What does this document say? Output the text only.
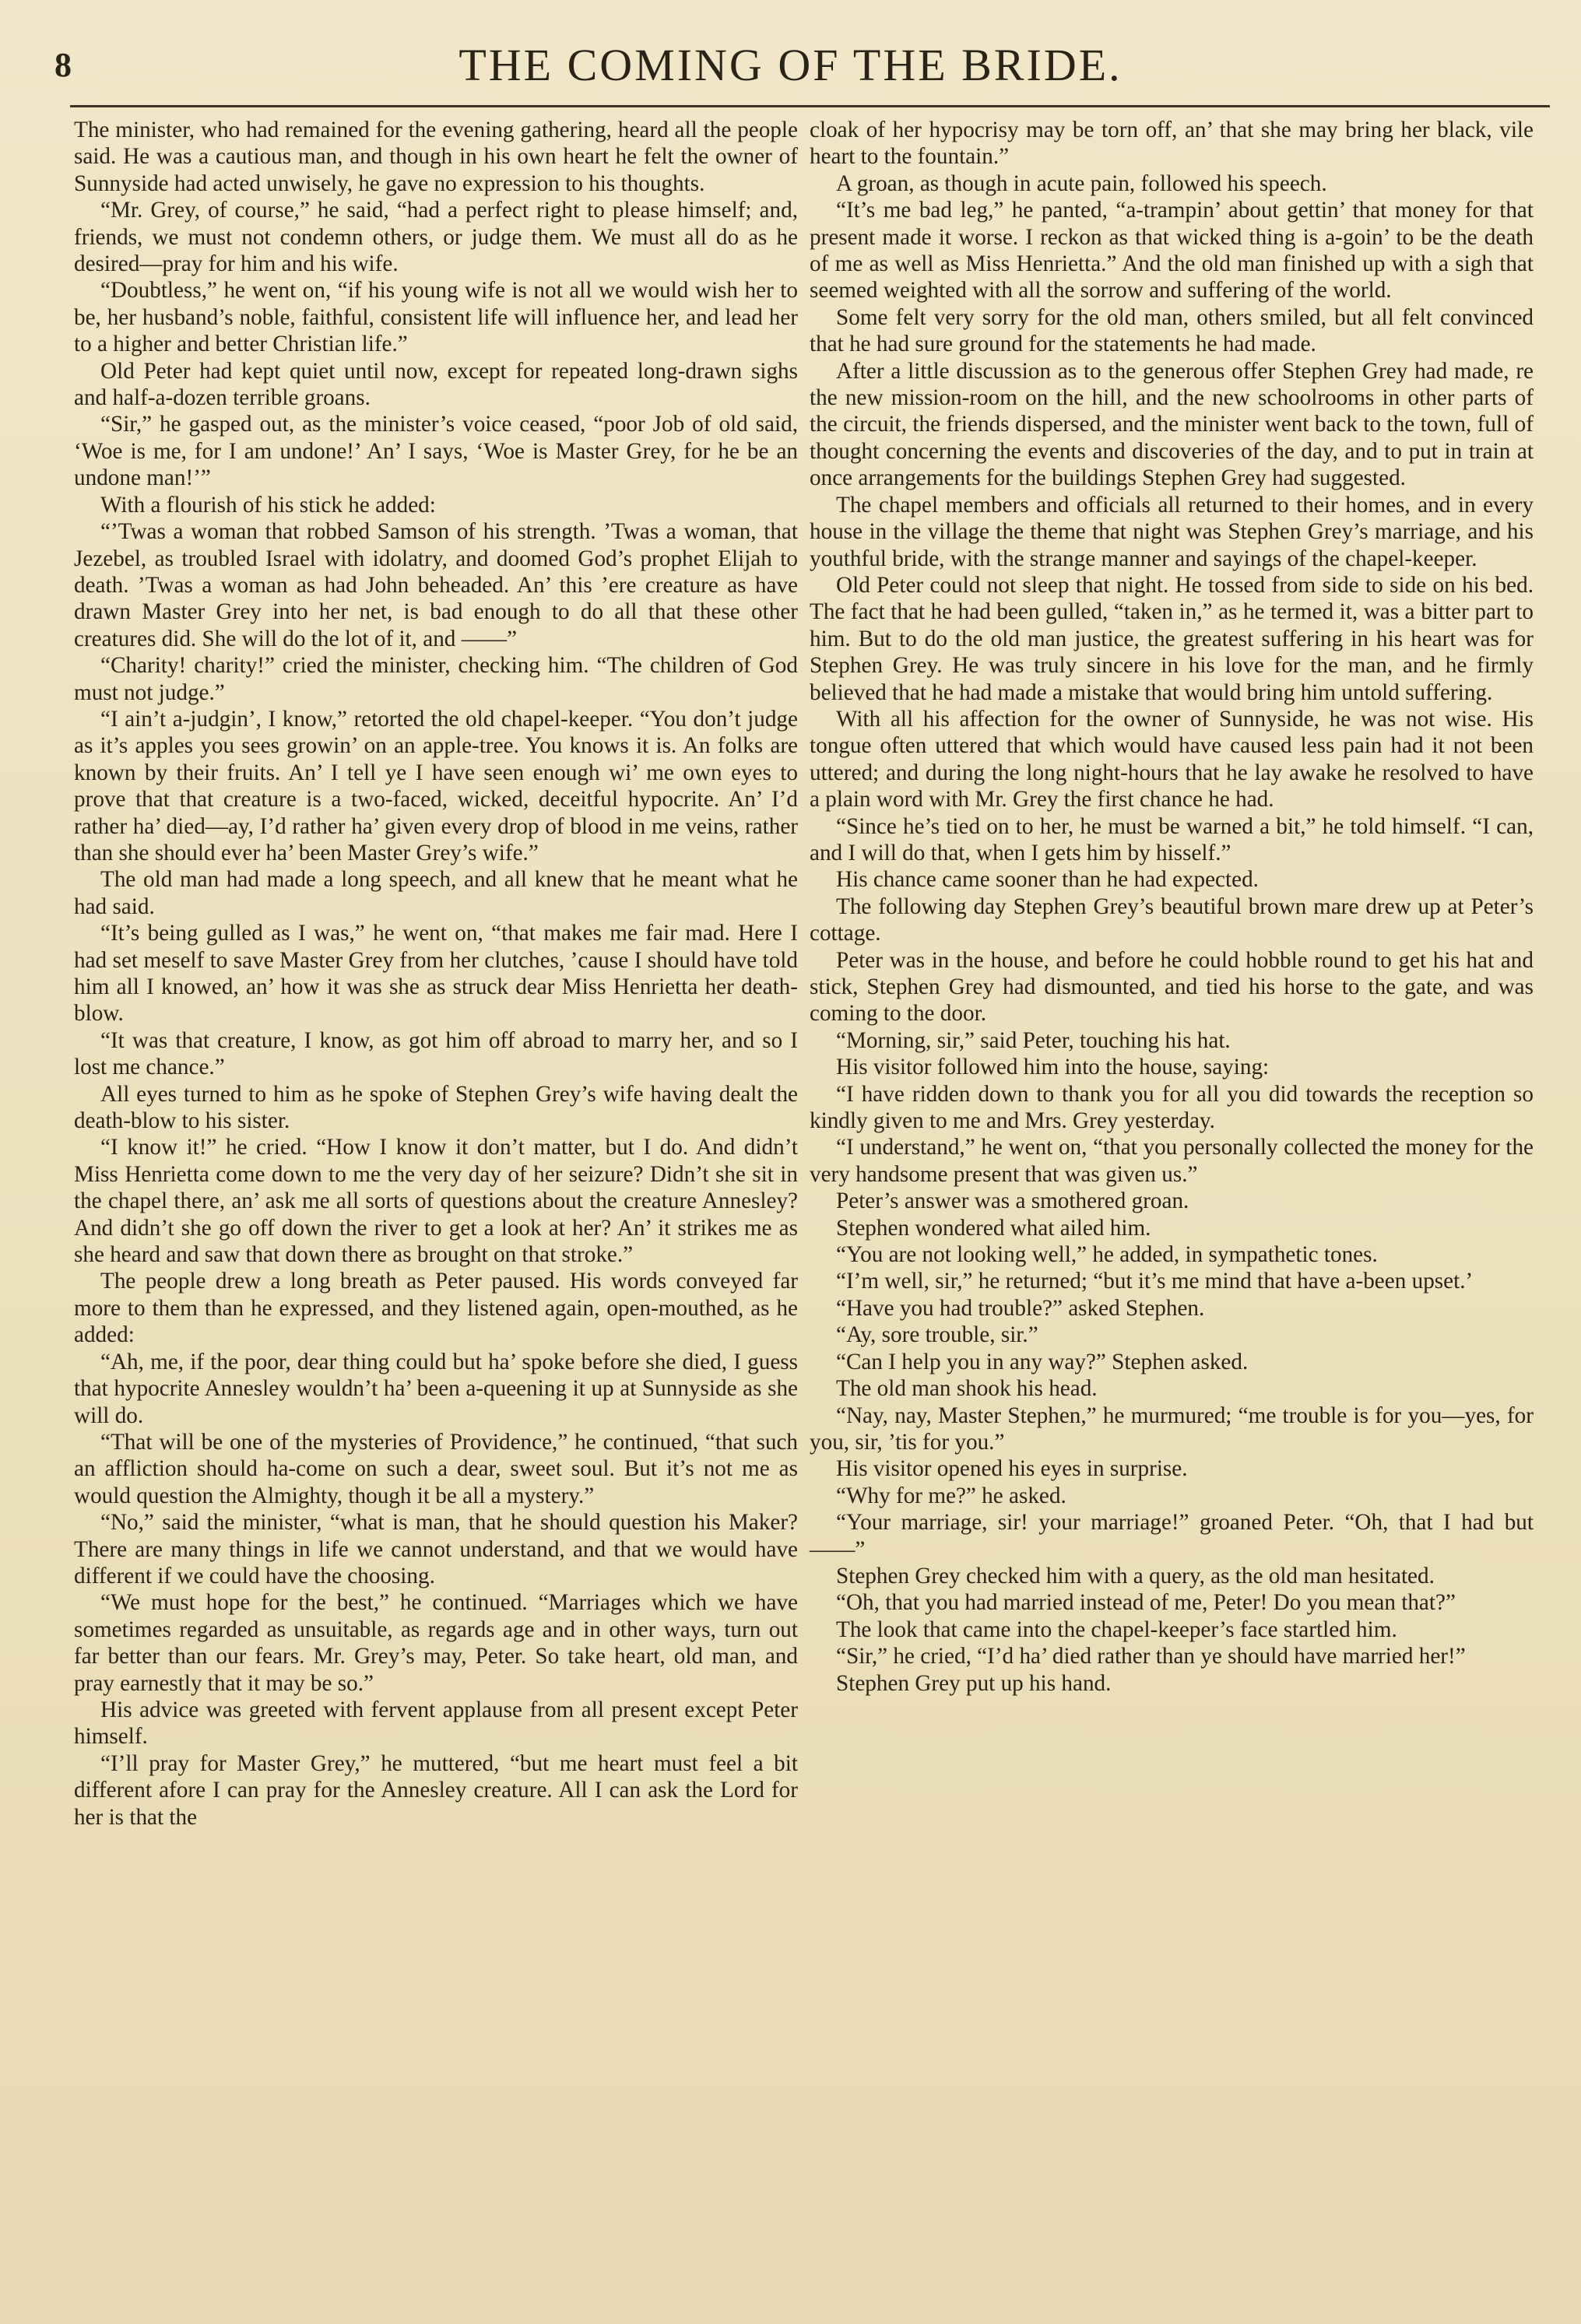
8	THE COMING OF THE BRIDE.

The minister, who had remained for the evening gathering, heard all the people said. He was a cautious man, and though in his own heart he felt the owner of Sunnyside had acted unwisely, he gave no expression to his thoughts.

“Mr. Grey, of course,” he said, “had a perfect right to please himself; and, friends, we must not condemn others, or judge them. We must all do as he desired—pray for him and his wife.

“Doubtless,” he went on, “if his young wife is not all we would wish her to be, her husband’s noble, faithful, consistent life will influence her, and lead her to a higher and better Christian life.”

Old Peter had kept quiet until now, except for repeated long-drawn sighs and half-a-dozen terrible groans.

“Sir,” he gasped out, as the minister’s voice ceased, “poor Job of old said, ‘Woe is me, for I am undone!’ An’ I says, ‘Woe is Master Grey, for he be an undone man!’”

With a flourish of his stick he added:

“’Twas a woman that robbed Samson of his strength. ’Twas a woman, that Jezebel, as troubled Israel with idolatry, and doomed God’s prophet Elijah to death. ’Twas a woman as had John beheaded. An’ this ’ere creature as have drawn Master Grey into her net, is bad enough to do all that these other creatures did. She will do the lot of it, and ——”

“Charity! charity!” cried the minister, checking him. “The children of God must not judge.”

“I ain’t a-judgin’, I know,” retorted the old chapel-keeper. “You don’t judge as it’s apples you sees growin’ on an apple-tree. You knows it is. An folks are known by their fruits. An’ I tell ye I have seen enough wi’ me own eyes to prove that that creature is a two-faced, wicked, deceitful hypocrite. An’ I’d rather ha’ died—ay, I’d rather ha’ given every drop of blood in me veins, rather than she should ever ha’ been Master Grey’s wife.”

The old man had made a long speech, and all knew that he meant what he had said.

“It’s being gulled as I was,” he went on, “that makes me fair mad. Here I had set meself to save Master Grey from her clutches, ’cause I should have told him all I knowed, an’ how it was she as struck dear Miss Henrietta her death-blow.

“It was that creature, I know, as got him off abroad to marry her, and so I lost me chance.”

All eyes turned to him as he spoke of Stephen Grey’s wife having dealt the death-blow to his sister.

“I know it!” he cried. “How I know it don’t matter, but I do. And didn’t Miss Henrietta come down to me the very day of her seizure? Didn’t she sit in the chapel there, an’ ask me all sorts of questions about the creature Annesley? And didn’t she go off down the river to get a look at her? An’ it strikes me as she heard and saw that down there as brought on that stroke.”

The people drew a long breath as Peter paused. His words conveyed far more to them than he expressed, and they listened again, open-mouthed, as he added:

“Ah, me, if the poor, dear thing could but ha’ spoke before she died, I guess that hypocrite Annesley wouldn’t ha’ been a-queening it up at Sunnyside as she will do.

“That will be one of the mysteries of Providence,” he continued, “that such an affliction should ha-come on such a dear, sweet soul. But it’s not me as would question the Almighty, though it be all a mystery.”

“No,” said the minister, “what is man, that he should question his Maker? There are many things in life we cannot understand, and that we would have different if we could have the choosing.

“We must hope for the best,” he continued. “Marriages which we have sometimes regarded as unsuitable, as regards age and in other ways, turn out far better than our fears. Mr. Grey’s may, Peter. So take heart, old man, and pray earnestly that it may be so.”

His advice was greeted with fervent applause from all present except Peter himself.

“I’ll pray for Master Grey,” he muttered, “but me heart must feel a bit different afore I can pray for the Annesley creature. All I can ask the Lord for her is that the

cloak of her hypocrisy may be torn off, an’ that she may bring her black, vile heart to the fountain.”

A groan, as though in acute pain, followed his speech.

“It’s me bad leg,” he panted, “a-trampin’ about gettin’ that money for that present made it worse. I reckon as that wicked thing is a-goin’ to be the death of me as well as Miss Henrietta.” And the old man finished up with a sigh that seemed weighted with all the sorrow and suffering of the world.

Some felt very sorry for the old man, others smiled, but all felt convinced that he had sure ground for the statements he had made.

After a little discussion as to the generous offer Stephen Grey had made, re the new mission-room on the hill, and the new schoolrooms in other parts of the circuit, the friends dispersed, and the minister went back to the town, full of thought concerning the events and discoveries of the day, and to put in train at once arrangements for the buildings Stephen Grey had suggested.

The chapel members and officials all returned to their homes, and in every house in the village the theme that night was Stephen Grey’s marriage, and his youthful bride, with the strange manner and sayings of the chapel-keeper.

Old Peter could not sleep that night. He tossed from side to side on his bed. The fact that he had been gulled, “taken in,” as he termed it, was a bitter part to him. But to do the old man justice, the greatest suffering in his heart was for Stephen Grey. He was truly sincere in his love for the man, and he firmly believed that he had made a mistake that would bring him untold suffering.

With all his affection for the owner of Sunnyside, he was not wise. His tongue often uttered that which would have caused less pain had it not been uttered; and during the long night-hours that he lay awake he resolved to have a plain word with Mr. Grey the first chance he had.

“Since he’s tied on to her, he must be warned a bit,” he told himself. “I can, and I will do that, when I gets him by hisself.”

His chance came sooner than he had expected.

The following day Stephen Grey’s beautiful brown mare drew up at Peter’s cottage.

Peter was in the house, and before he could hobble round to get his hat and stick, Stephen Grey had dismounted, and tied his horse to the gate, and was coming to the door.

“Morning, sir,” said Peter, touching his hat.

His visitor followed him into the house, saying:

“I have ridden down to thank you for all you did towards the reception so kindly given to me and Mrs. Grey yesterday.

“I understand,” he went on, “that you personally collected the money for the very handsome present that was given us.”

Peter’s answer was a smothered groan.

Stephen wondered what ailed him.

“You are not looking well,” he added, in sympathetic tones.

“I’m well, sir,” he returned; “but it’s me mind that have a-been upset.’

“Have you had trouble?” asked Stephen.

“Ay, sore trouble, sir.”

“Can I help you in any way?” Stephen asked.

The old man shook his head.

“Nay, nay, Master Stephen,” he murmured; “me trouble is for you—yes, for you, sir, ’tis for you.”

His visitor opened his eyes in surprise.

“Why for me?” he asked.

“Your marriage, sir! your marriage!” groaned Peter. “Oh, that I had but ——”

Stephen Grey checked him with a query, as the old man hesitated.

“Oh, that you had married instead of me, Peter! Do you mean that?”

The look that came into the chapel-keeper’s face startled him.

“Sir,” he cried, “I’d ha’ died rather than ye should have married her!”

Stephen Grey put up his hand.
